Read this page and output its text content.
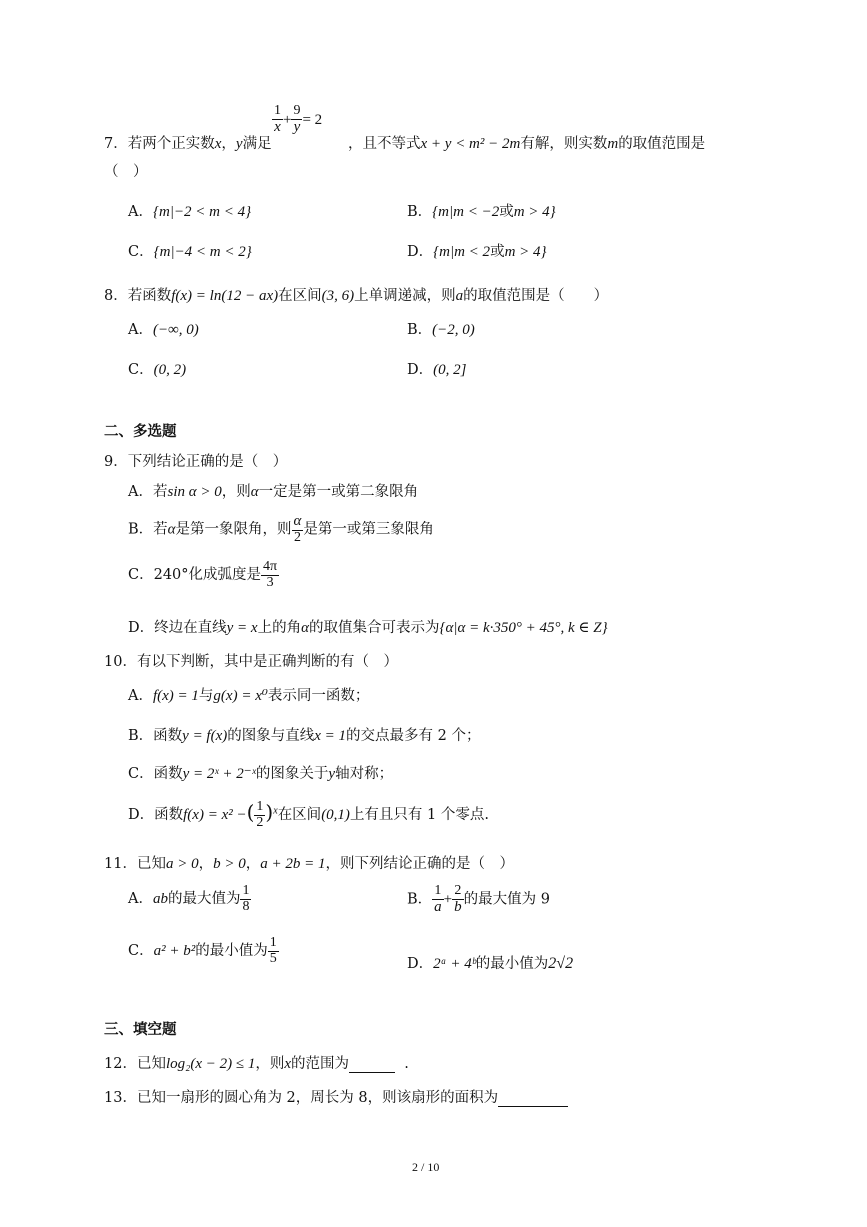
$\frac{1}{x} + \frac{9}{y} = 2$
7．若两个正实数x，y满足	，且不等式x + y < m² − 2m有解，则实数m的取值范围是
（　）
A．{m|−2 < m < 4}	B．{m|m < −2或m > 4}
C．{m|−4 < m < 2}	D．{m|m < 2或m > 4}
8．若函数f(x) = ln(12 − ax)在区间(3, 6)上单调递减，则a的取值范围是（　　）
A．(−∞, 0)	B．(−2, 0)
C．(0, 2)	D．(0, 2]
二、多选题
9．下列结论正确的是（　）
A．若sin α > 0，则α一定是第一或第二象限角
B．若α是第一象限角，则 $\frac{\alpha}{2}$ 是第一或第三象限角
C．240°化成弧度是 $\frac{4\pi}{3}$
D．终边在直线y = x上的角α的取值集合可表示为{α|α = k·350° + 45°, k ∈ Z}
10．有以下判断，其中是正确判断的有（　）
A．f(x) = 1与g(x) = x⁰表示同一函数；
B．函数y = f(x)的图象与直线x = 1的交点最多有 2 个；
C．函数y = 2ˣ + 2⁻ˣ的图象关于y轴对称；
D．函数f(x) = x² −( $\frac{1}{2} )^x$在区间(0,1)上有且只有 1 个零点.
11．已知a > 0，b > 0，a + 2b = 1，则下列结论正确的是（　）
A．ab的最大值为 $\frac{1}{8}$	B． $\frac{1}{a} + \frac{2}{b}$ 的最大值为 9
C．a² + b²的最小值为 $\frac{1}{5}$	D．2ᵃ + 4ᵇ的最小值为2√2
三、填空题
12．已知log₂(x − 2) ≤ 1，则x的范围为	.
13．已知一扇形的圆心角为 2，周长为 8，则该扇形的面积为
2 / 10
